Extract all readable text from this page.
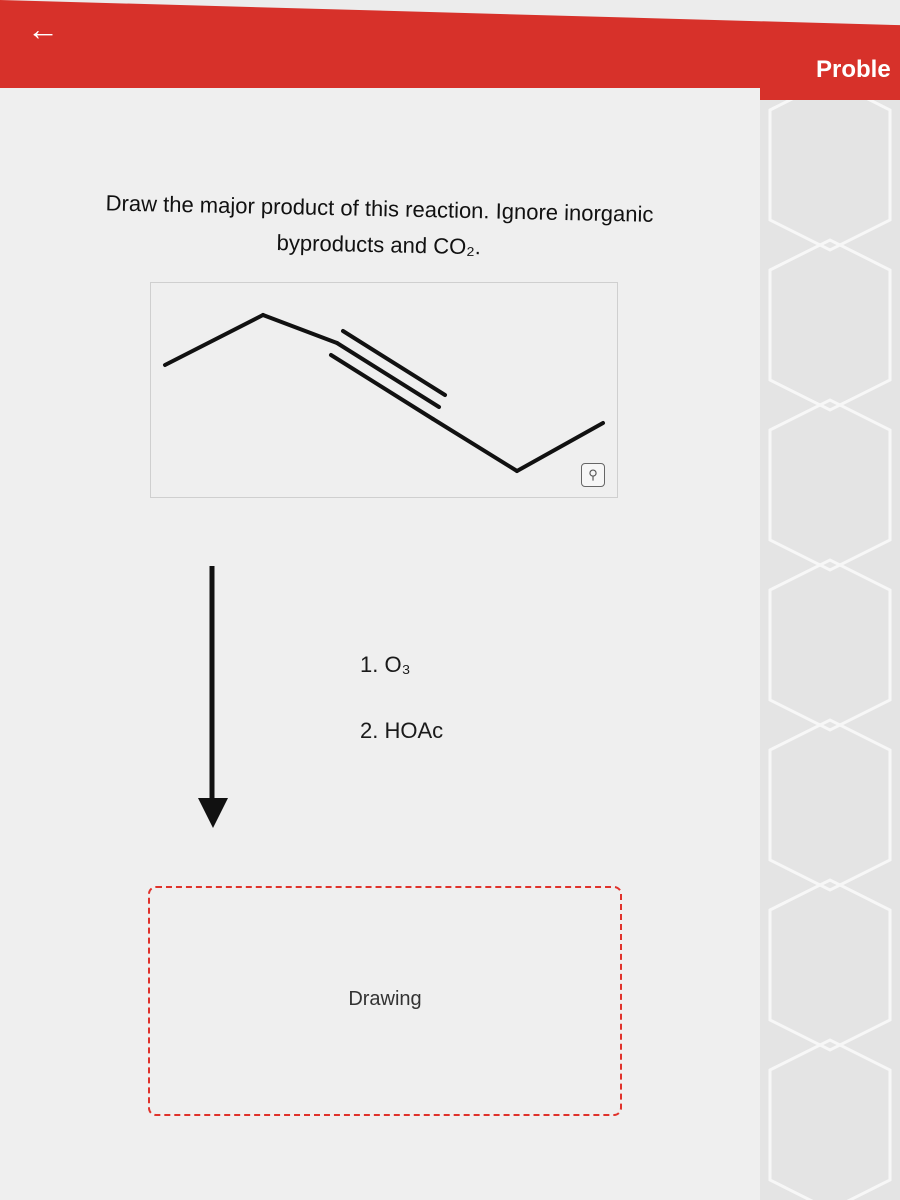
←
Proble
Draw the major product of this reaction. Ignore inorganic
byproducts and CO₂.
⚲
1. O₃
2. HOAc
Drawing
